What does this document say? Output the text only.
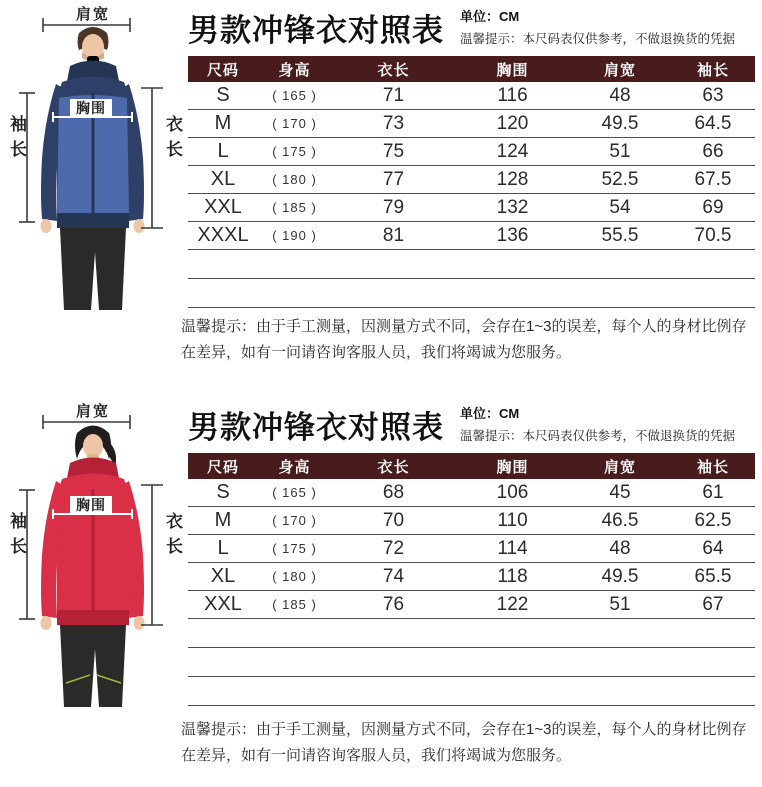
肩宽
胸围
袖长	衣长
男款冲锋衣对照表 单位：CM
温馨提示：本尺码表仅供参考，不做退换货的凭据
尺码	身高	衣长	胸围	肩宽	袖长
S	( 165 )	71	116	48	63
M	( 170 )	73	120	49.5	64.5
L	( 175 )	75	124	51	66
XL	( 180 )	77	128	52.5	67.5
XXL	( 185 )	79	132	54	69
XXXL	( 190 )	81	136	55.5	70.5

温馨提示：由于手工测量，因测量方式不同，会存在1~3的误差，每个人的身材比例存在差异，如有一问请咨询客服人员，我们将竭诚为您服务。

肩宽
胸围
袖长	衣长
男款冲锋衣对照表 单位：CM
温馨提示：本尺码表仅供参考，不做退换货的凭据
尺码	身高	衣长	胸围	肩宽	袖长
S	( 165 )	68	106	45	61
M	( 170 )	70	110	46.5	62.5
L	( 175 )	72	114	48	64
XL	( 180 )	74	118	49.5	65.5
XXL	( 185 )	76	122	51	67

温馨提示：由于手工测量，因测量方式不同，会存在1~3的误差，每个人的身材比例存在差异，如有一问请咨询客服人员，我们将竭诚为您服务。
